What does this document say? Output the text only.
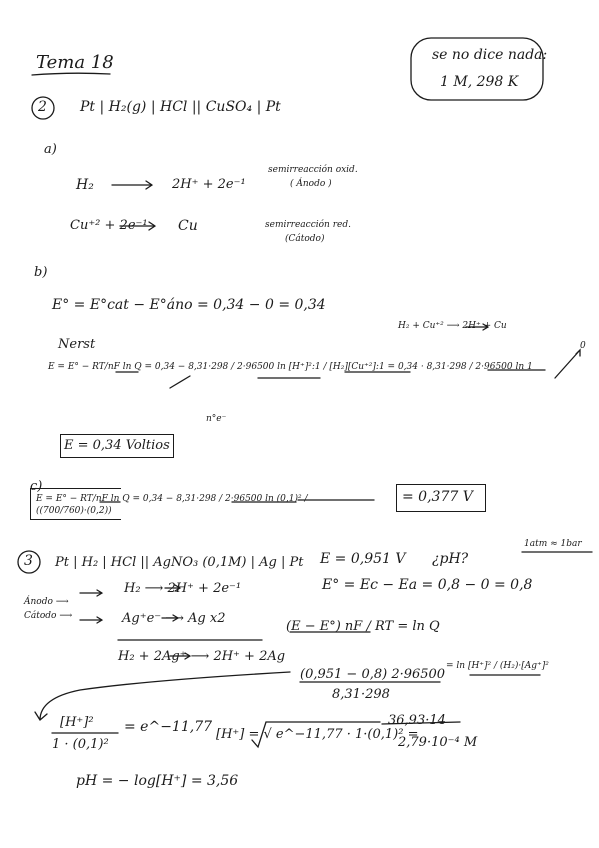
Tema 18	se no dice nada:
1 M, 298 K
2 Pt | H₂(g) | HCl || CuSO₄ | Pt
a)
H₂	2H⁺ + 2e⁻¹
semirreacción oxid.
( Ánodo )
Cu⁺² + 2e⁻¹ Cu	semirreacción red.
(Cátodo)
b)
E° = E°cat − E°áno = 0,34 − 0 = 0,34
H₂ + Cu⁺² ⟶ 2H⁺ + Cu
Nerst
E = E° − RT/nF ln Q = 0,34 − 8,31·298 / 2·96500 ln [H⁺]²:1 / [H₂][Cu⁺²]:1 = 0,34 · 8,31·298 / 2·96500 ln 1
n°e⁻
0
E = 0,34 Voltios
c)
E = E° − RT/nF ln Q = 0,34 − 8,31·298 / 2·96500 ln (0,1)² / ((700/760)·(0,2))
= 0,377 V
3 Pt | H₂ | HCl || AgNO₃ (0,1M) | Ag | Pt E = 0,951 V ¿pH?
1atm ≈ 1bar
Ánodo ⟶
Cátodo ⟶
H₂ ⟶ 2H⁺ + 2e⁻¹
Ag⁺e⁻ ⟶ Ag x2
H₂ + 2Ag⁺ ⟶ 2H⁺ + 2Ag
E° = Ec − Ea = 0,8 − 0 = 0,8
(E − E°) nF / RT = ln Q
(0,951 − 0,8) 2·96500
8,31·298
= ln [H⁺]² / (H₂)·[Ag⁺]²
[H⁺]²
1 · (0,1)²
= e^−11,77 [H⁺] = √ e^−11,77 · 1·(0,1)² =
36,93·14
2,79·10⁻⁴ M
pH = − log[H⁺] = 3,56
